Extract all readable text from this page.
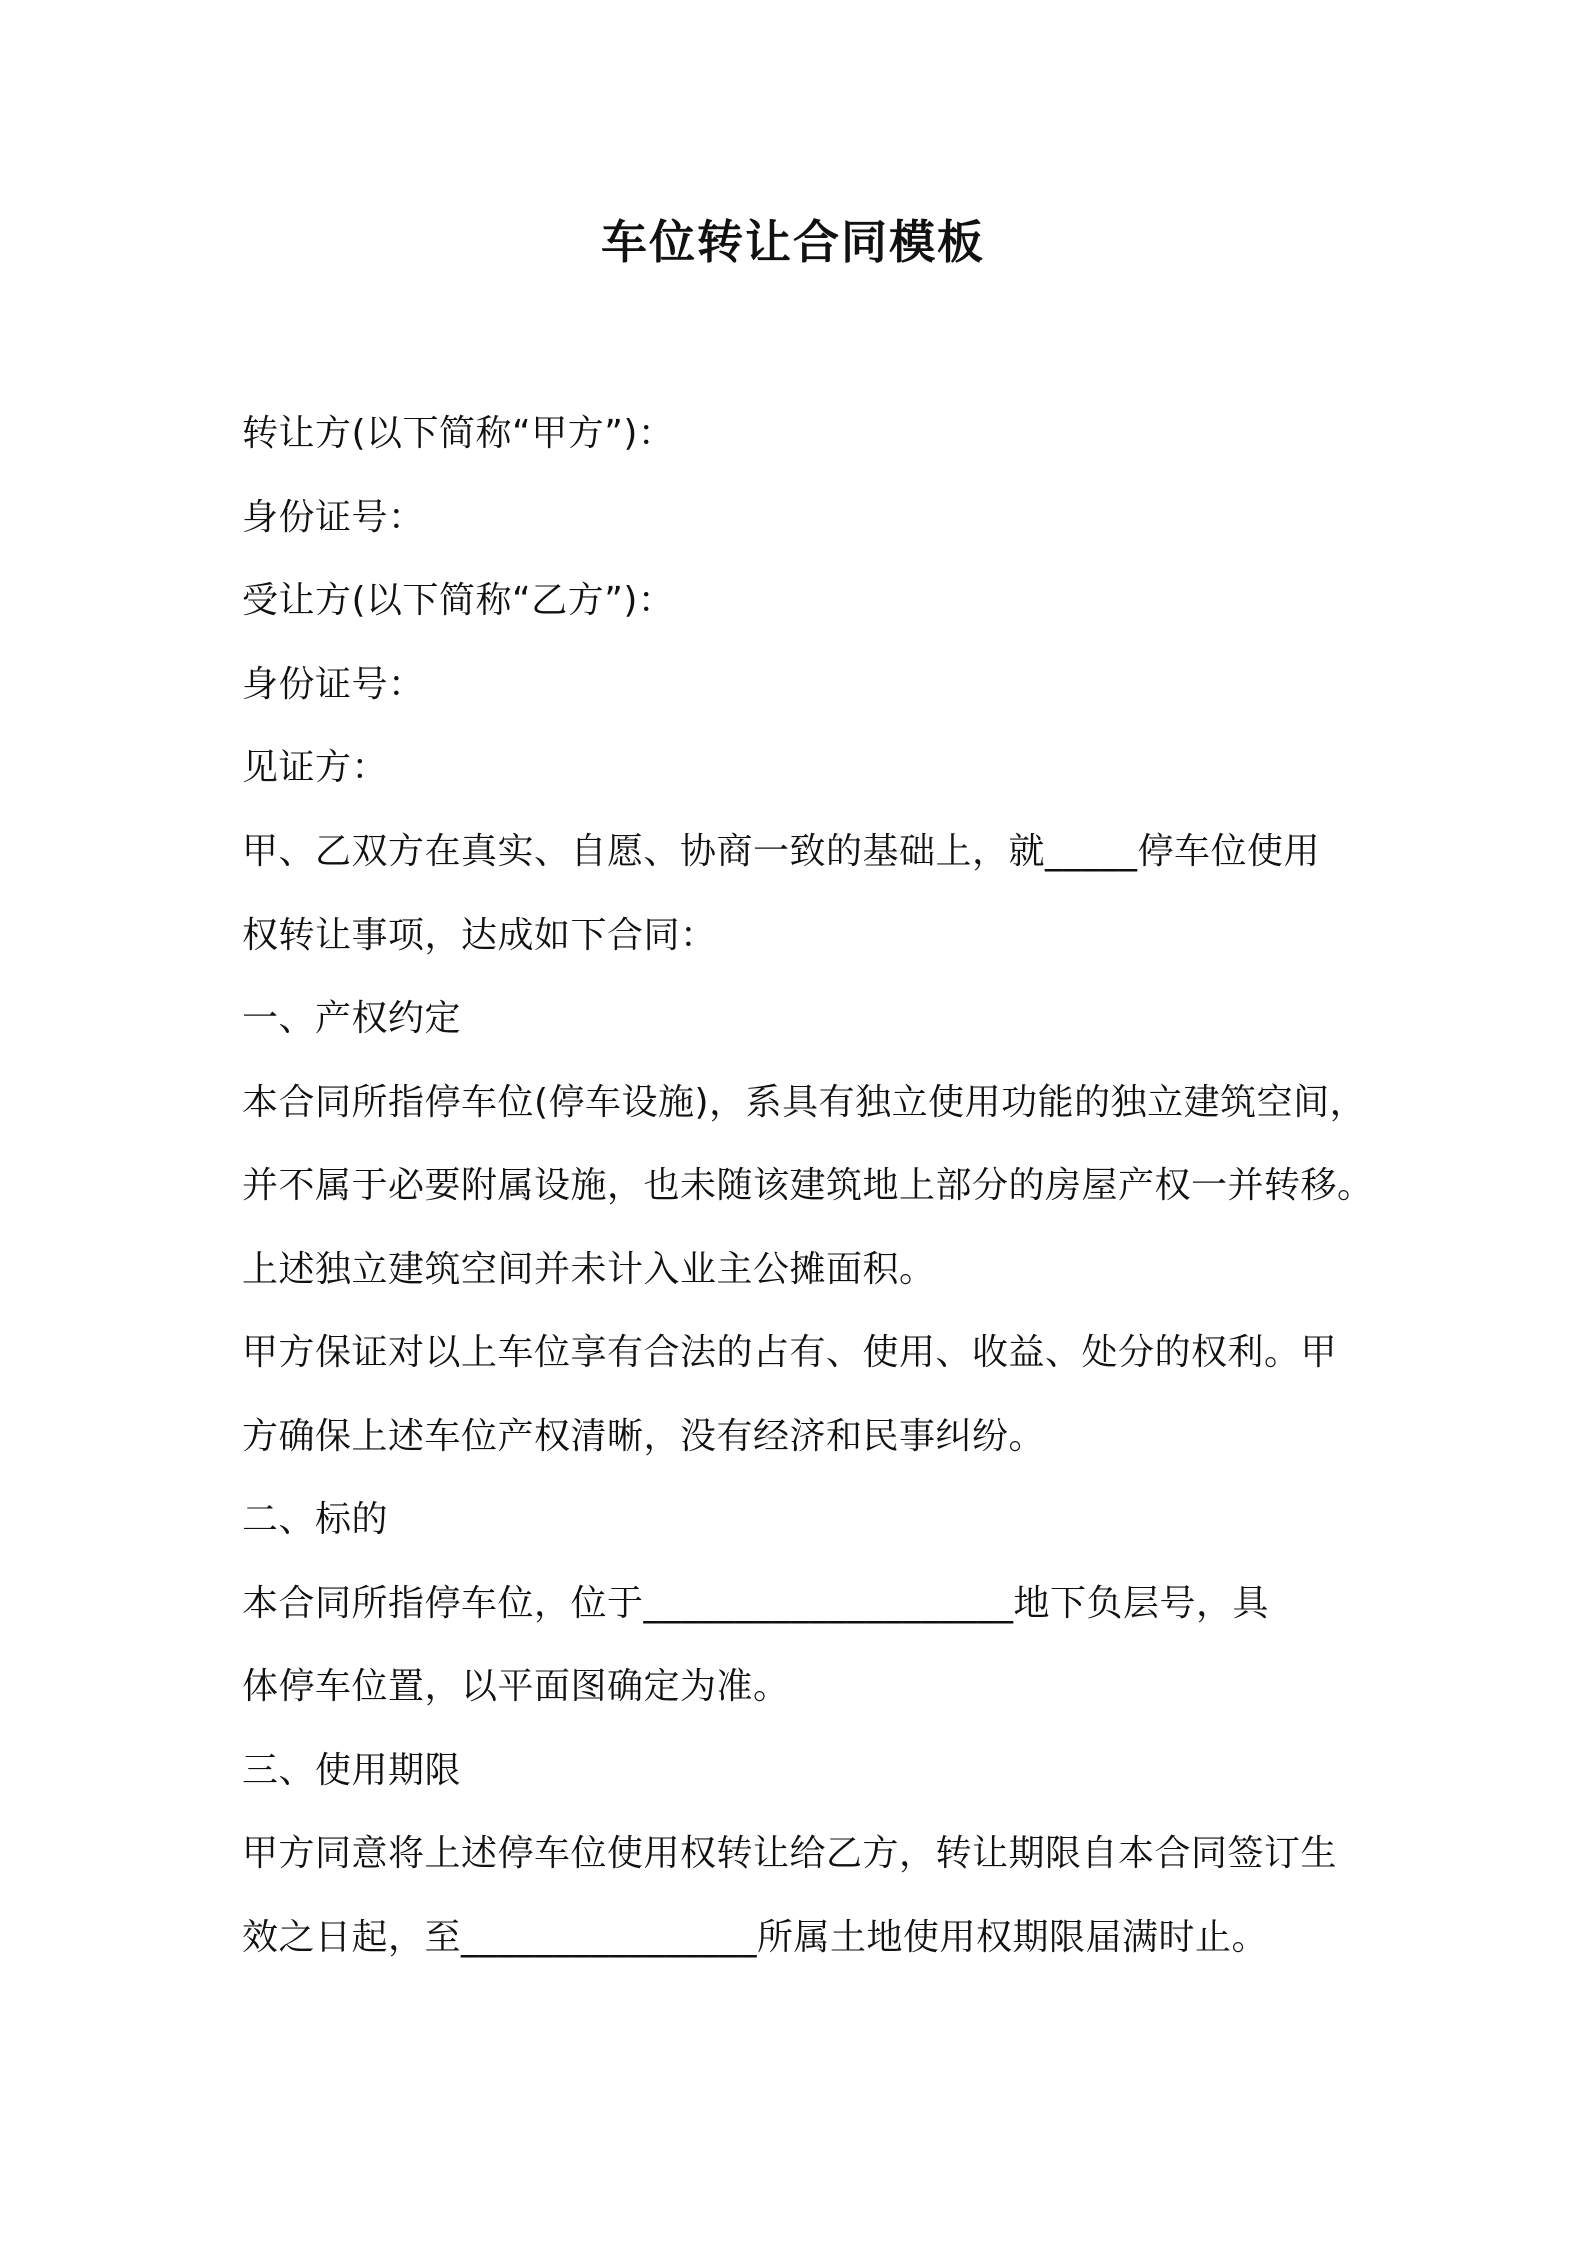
车位转让合同模板
转让方(以下简称“甲方”)：
身份证号：
受让方(以下简称“乙方”)：
身份证号：
见证方：
甲、乙双方在真实、自愿、协商一致的基础上，就_____停车位使用
权转让事项，达成如下合同：
一、产权约定
本合同所指停车位(停车设施)，系具有独立使用功能的独立建筑空间，
并不属于必要附属设施，也未随该建筑地上部分的房屋产权一并转移。
上述独立建筑空间并未计入业主公摊面积。
甲方保证对以上车位享有合法的占有、使用、收益、处分的权利。甲
方确保上述车位产权清晰，没有经济和民事纠纷。
二、标的
本合同所指停车位，位于____________________地下负层号，具
体停车位置，以平面图确定为准。
三、使用期限
甲方同意将上述停车位使用权转让给乙方，转让期限自本合同签订生
效之日起，至________________所属土地使用权期限届满时止。
